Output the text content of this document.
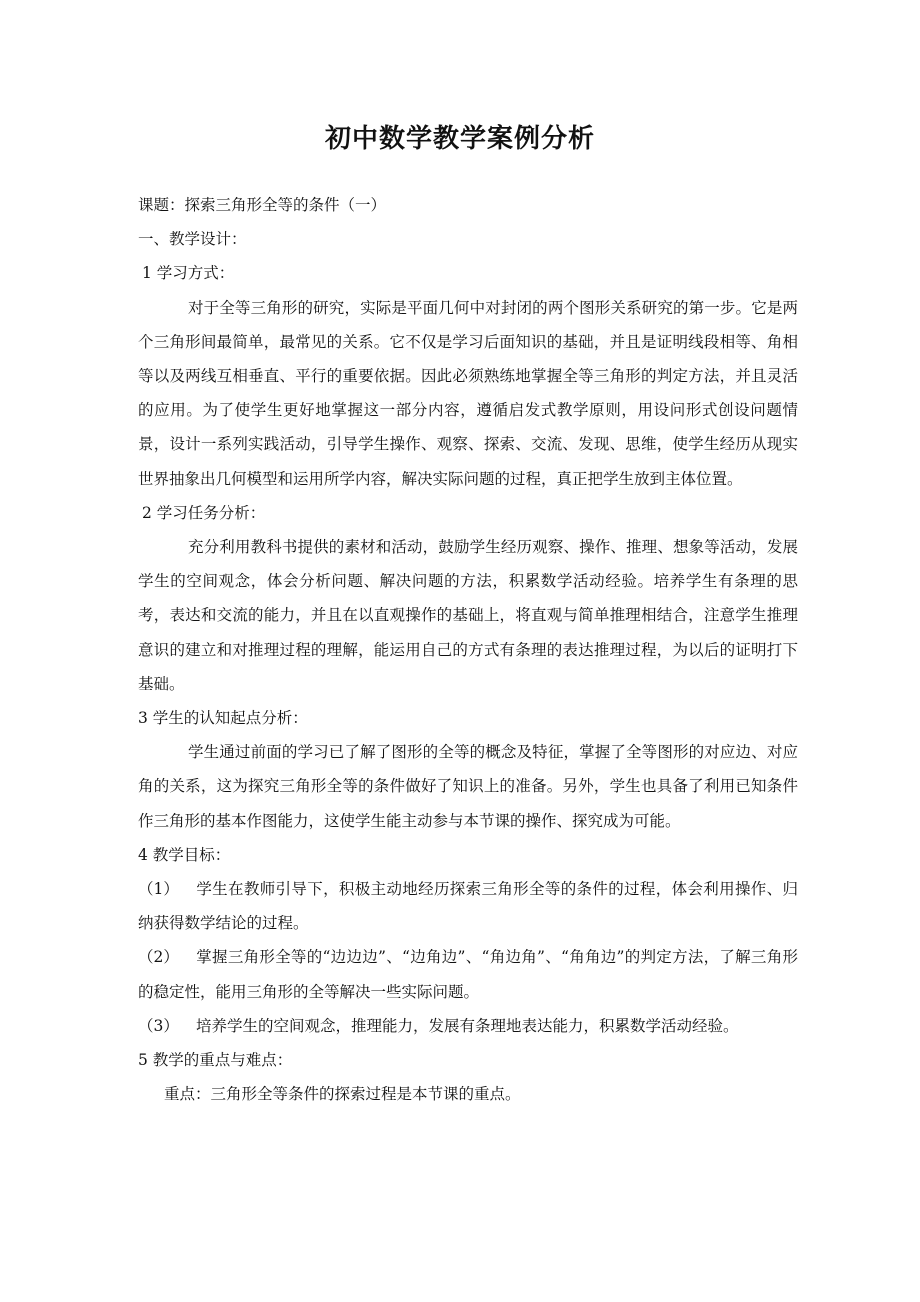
初中数学教学案例分析
课题：探索三角形全等的条件（一）
一、教学设计：
1 学习方式：
对于全等三角形的研究，实际是平面几何中对封闭的两个图形关系研究的第一步。它是两个三角形间最简单，最常见的关系。它不仅是学习后面知识的基础，并且是证明线段相等、角相等以及两线互相垂直、平行的重要依据。因此必须熟练地掌握全等三角形的判定方法，并且灵活的应用。为了使学生更好地掌握这一部分内容，遵循启发式教学原则，用设问形式创设问题情景，设计一系列实践活动，引导学生操作、观察、探索、交流、发现、思维，使学生经历从现实世界抽象出几何模型和运用所学内容，解决实际问题的过程，真正把学生放到主体位置。
2 学习任务分析：
充分利用教科书提供的素材和活动，鼓励学生经历观察、操作、推理、想象等活动，发展学生的空间观念，体会分析问题、解决问题的方法，积累数学活动经验。培养学生有条理的思考，表达和交流的能力，并且在以直观操作的基础上，将直观与简单推理相结合，注意学生推理意识的建立和对推理过程的理解，能运用自己的方式有条理的表达推理过程，为以后的证明打下基础。
3 学生的认知起点分析：
学生通过前面的学习已了解了图形的全等的概念及特征，掌握了全等图形的对应边、对应角的关系，这为探究三角形全等的条件做好了知识上的准备。另外，学生也具备了利用已知条件作三角形的基本作图能力，这使学生能主动参与本节课的操作、探究成为可能。
4 教学目标：
（1） 学生在教师引导下，积极主动地经历探索三角形全等的条件的过程，体会利用操作、归纳获得数学结论的过程。
（2） 掌握三角形全等的“边边边”、“边角边”、“角边角”、“角角边”的判定方法，了解三角形的稳定性，能用三角形的全等解决一些实际问题。
（3） 培养学生的空间观念，推理能力，发展有条理地表达能力，积累数学活动经验。
5 教学的重点与难点：
重点：三角形全等条件的探索过程是本节课的重点。
